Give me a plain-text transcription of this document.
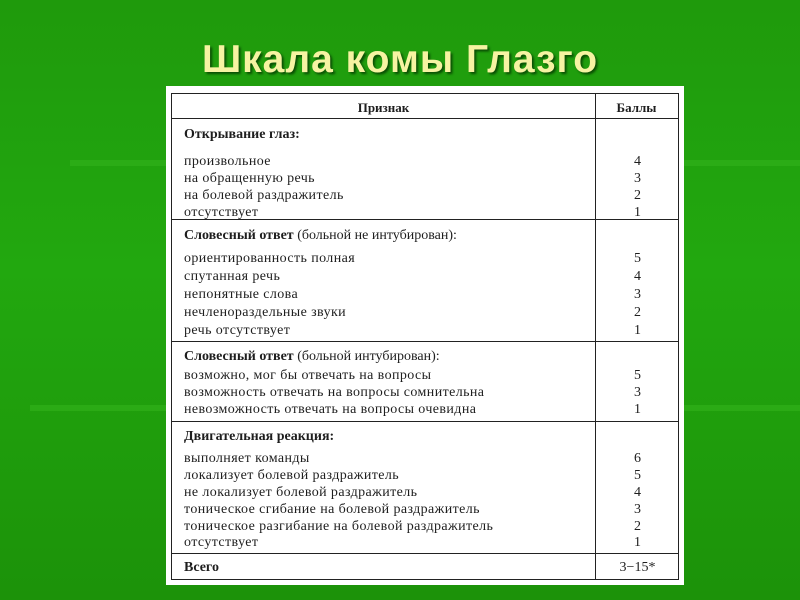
Шкала комы Глазго
Признак	Баллы
Открывание глаз:
произвольное
на обращенную речь
на болевой раздражитель
отсутствует
4
3
2
1
Словесный ответ (больной не интубирован):
ориентированность полная
спутанная речь
непонятные слова
нечленораздельные звуки
речь отсутствует
5
4
3
2
1
Словесный ответ (больной интубирован):
возможно, мог бы отвечать на вопросы
возможность отвечать на вопросы сомнительна
невозможность отвечать на вопросы очевидна
5
3
1
Двигательная реакция:
выполняет команды
локализует болевой раздражитель
не локализует болевой раздражитель
тоническое сгибание на болевой раздражитель
тоническое разгибание на болевой раздражитель
отсутствует
6
5
4
3
2
1
Всего	3−15*
